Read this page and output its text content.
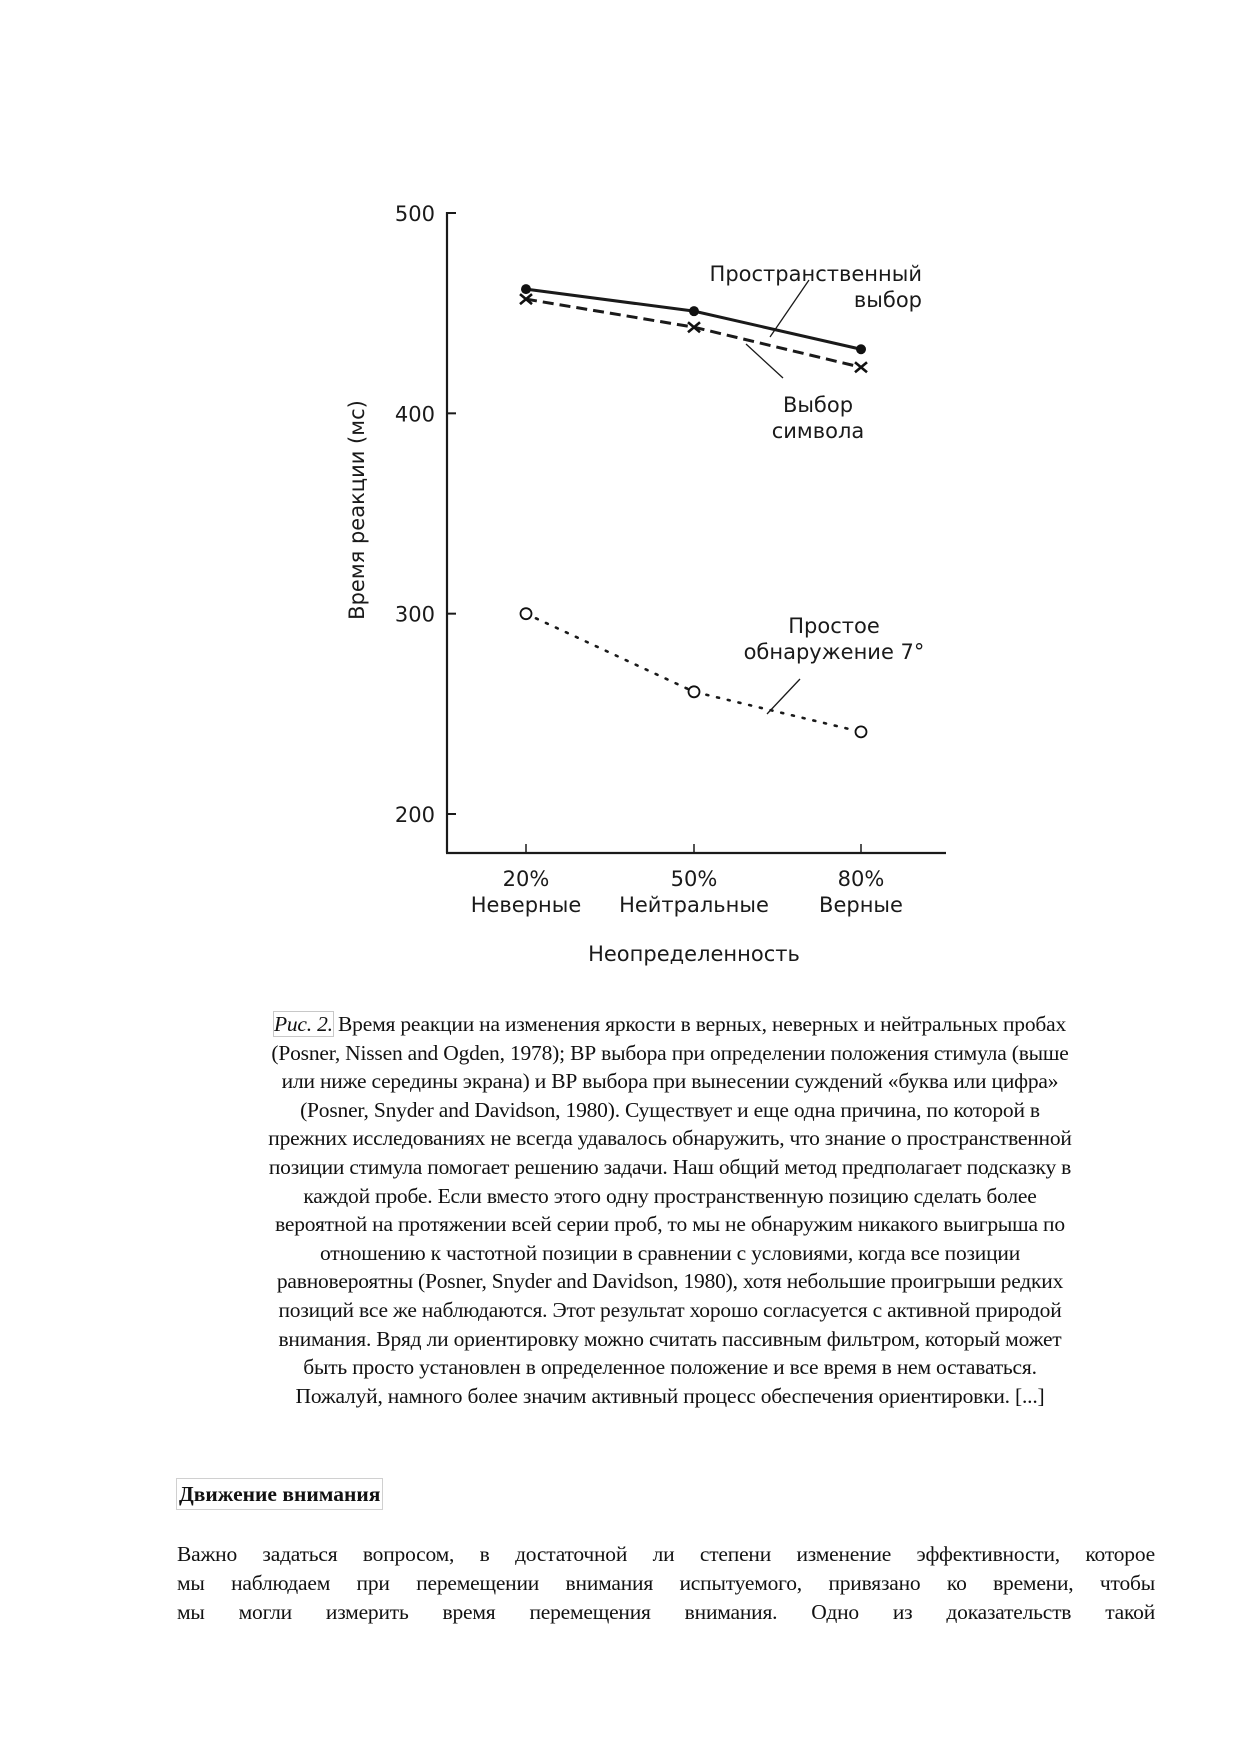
200
300
400
500
20%
Неверные
50%
Нейтральные
80%
Верные
Пространственный
выбор
Выбор
символа
Простое
обнаружение 7°
Время реакции (мс)
Неопределенность
Рис. 2. Время реакции на изменения яркости в верных, неверных и нейтральных пробах
(Posner, Nissen and Ogden, 1978); ВР выбора при определении положения стимула (выше
или ниже середины экрана) и ВР выбора при вынесении суждений «буква или цифра»
(Posner, Snyder and Davidson, 1980). Существует и еще одна причина, по которой в
прежних исследованиях не всегда удавалось обнаружить, что знание о пространственной
позиции стимула помогает решению задачи. Наш общий метод предполагает подсказку в
каждой пробе. Если вместо этого одну пространственную позицию сделать более
вероятной на протяжении всей серии проб, то мы не обнаружим никакого выигрыша по
отношению к частотной позиции в сравнении с условиями, когда все позиции
равновероятны (Posner, Snyder and Davidson, 1980), хотя небольшие проигрыши редких
позиций все же наблюдаются. Этот результат хорошо согласуется с активной природой
внимания. Вряд ли ориентировку можно считать пассивным фильтром, который может
быть просто установлен в определенное положение и все время в нем оставаться.
Пожалуй, намного более значим активный процесс обеспечения ориентировки. [...]
Движение внимания
Важно задаться вопросом, в достаточной ли степени изменение эффективности, которое
мы наблюдаем при перемещении внимания испытуемого, привязано ко времени, чтобы
мы могли измерить время перемещения внимания. Одно из доказательств такой
